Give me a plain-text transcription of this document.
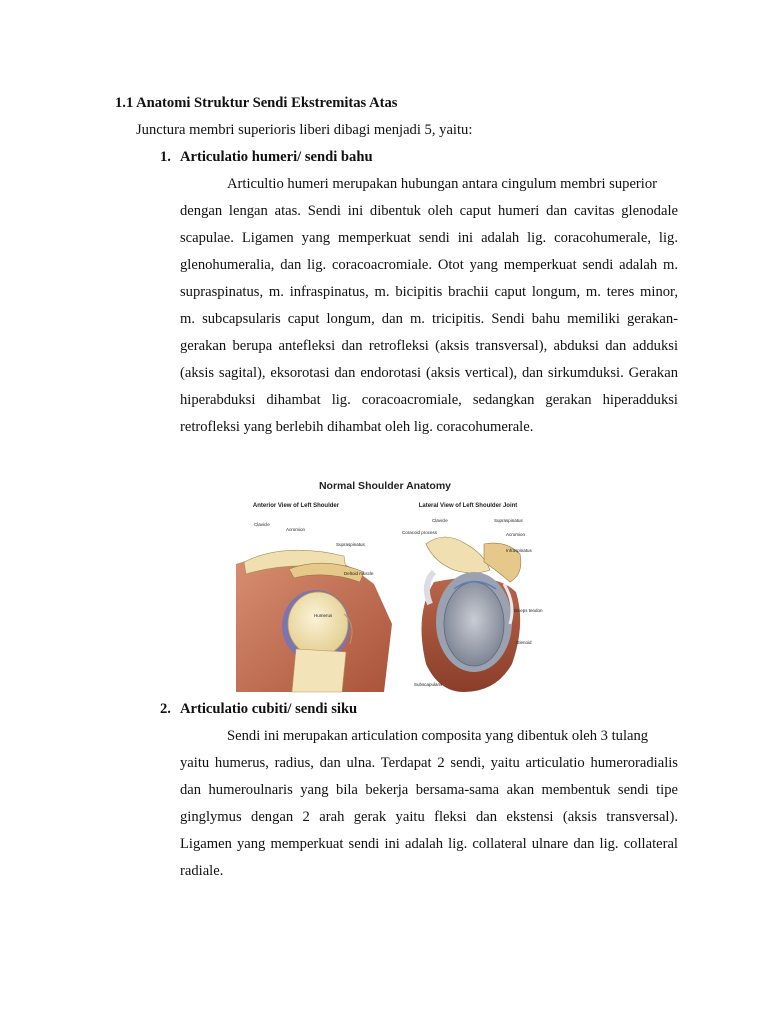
1.1 Anatomi Struktur Sendi Ekstremitas Atas
Junctura membri superioris liberi dibagi menjadi 5, yaitu:
1. Articulatio humeri/ sendi bahu
Articultio humeri merupakan hubungan antara cingulum membri superior
dengan lengan atas. Sendi ini dibentuk oleh caput humeri dan cavitas glenodale
scapulae. Ligamen yang memperkuat sendi ini adalah lig. coracohumerale, lig.
glenohumeralia, dan lig. coracoacromiale. Otot yang memperkuat sendi adalah m.
supraspinatus, m. infraspinatus, m. bicipitis brachii caput longum, m. teres minor,
m. subcapsularis caput longum, dan m. tricipitis. Sendi bahu memiliki gerakan-
gerakan berupa antefleksi dan retrofleksi (aksis transversal), abduksi dan adduksi
(aksis sagital), eksorotasi dan endorotasi (aksis vertical), dan sirkumduksi. Gerakan
hiperabduksi dihambat lig. coracoacromiale, sedangkan gerakan hiperadduksi
retrofleksi yang berlebih dihambat oleh lig. coracohumerale.
Normal Shoulder Anatomy
Anterior View of Left Shoulder	Lateral View of Left Shoulder Joint
Clavicle
Acromion
Supraspinatus
Deltoid muscle
Humerus
Clavicle	Supraspinatus
Coracoid process	Acromion
Infraspinatus
Biceps tendon
Glenoid
Subscapularis
2. Articulatio cubiti/ sendi siku
Sendi ini merupakan articulation composita yang dibentuk oleh 3 tulang
yaitu humerus, radius, dan ulna. Terdapat 2 sendi, yaitu articulatio humeroradialis
dan humeroulnaris yang bila bekerja bersama-sama akan membentuk sendi tipe
ginglymus dengan 2 arah gerak yaitu fleksi dan ekstensi (aksis transversal).
Ligamen yang memperkuat sendi ini adalah lig. collateral ulnare dan lig. collateral
radiale.
